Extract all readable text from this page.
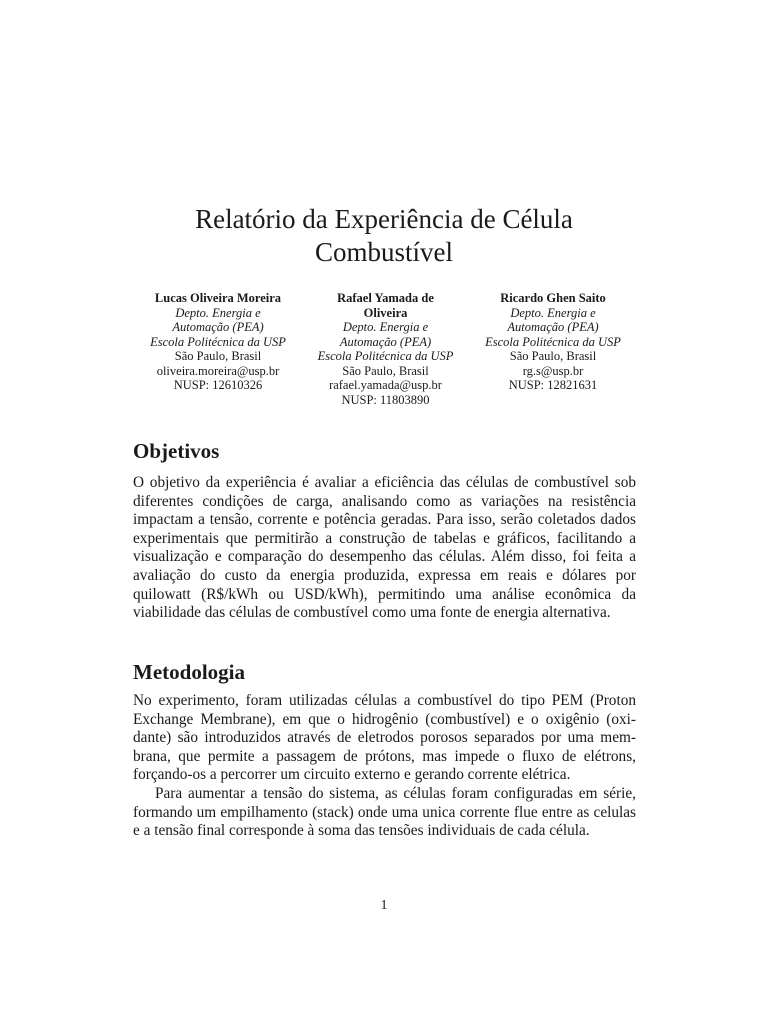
Relatório da Experiência de Célula
Combustível
Lucas Oliveira Moreira
Depto. Energia e
Automação (PEA)
Escola Politécnica da USP
São Paulo, Brasil
oliveira.moreira@usp.br
NUSP: 12610326
Rafael Yamada de
Oliveira
Depto. Energia e
Automação (PEA)
Escola Politécnica da USP
São Paulo, Brasil
rafael.yamada@usp.br
NUSP: 11803890
Ricardo Ghen Saito
Depto. Energia e
Automação (PEA)
Escola Politécnica da USP
São Paulo, Brasil
rg.s@usp.br
NUSP: 12821631
Objetivos

O objetivo da experiência é avaliar a eficiência das células de combustível sob diferentes condições de carga, analisando como as variações na resistência impactam a tensão, corrente e potência geradas. Para isso, serão coletados dados experimentais que permitirão a construção de tabelas e gráficos, facilitando a visualização e comparação do desempenho das células. Além disso, foi feita a avaliação do custo da energia produzida, expressa em reais e dólares por quilowatt (R$/kWh ou USD/kWh), permitindo uma análise econômica da viabilidade das células de combustível como uma fonte de energia alternativa.

Metodologia

No experimento, foram utilizadas células a combustível do tipo PEM (Proton Exchange Membrane), em que o hidrogênio (combustível) e o oxigênio (oxidante) são introduzidos através de eletrodos porosos separados por uma membrana, que permite a passagem de prótons, mas impede o fluxo de elétrons, forçando-os a percorrer um circuito externo e gerando corrente elétrica.

Para aumentar a tensão do sistema, as células foram configuradas em série, formando um empilhamento (stack) onde uma unica corrente flue entre as celulas e a tensão final corresponde à soma das tensões individuais de cada célula.

1
